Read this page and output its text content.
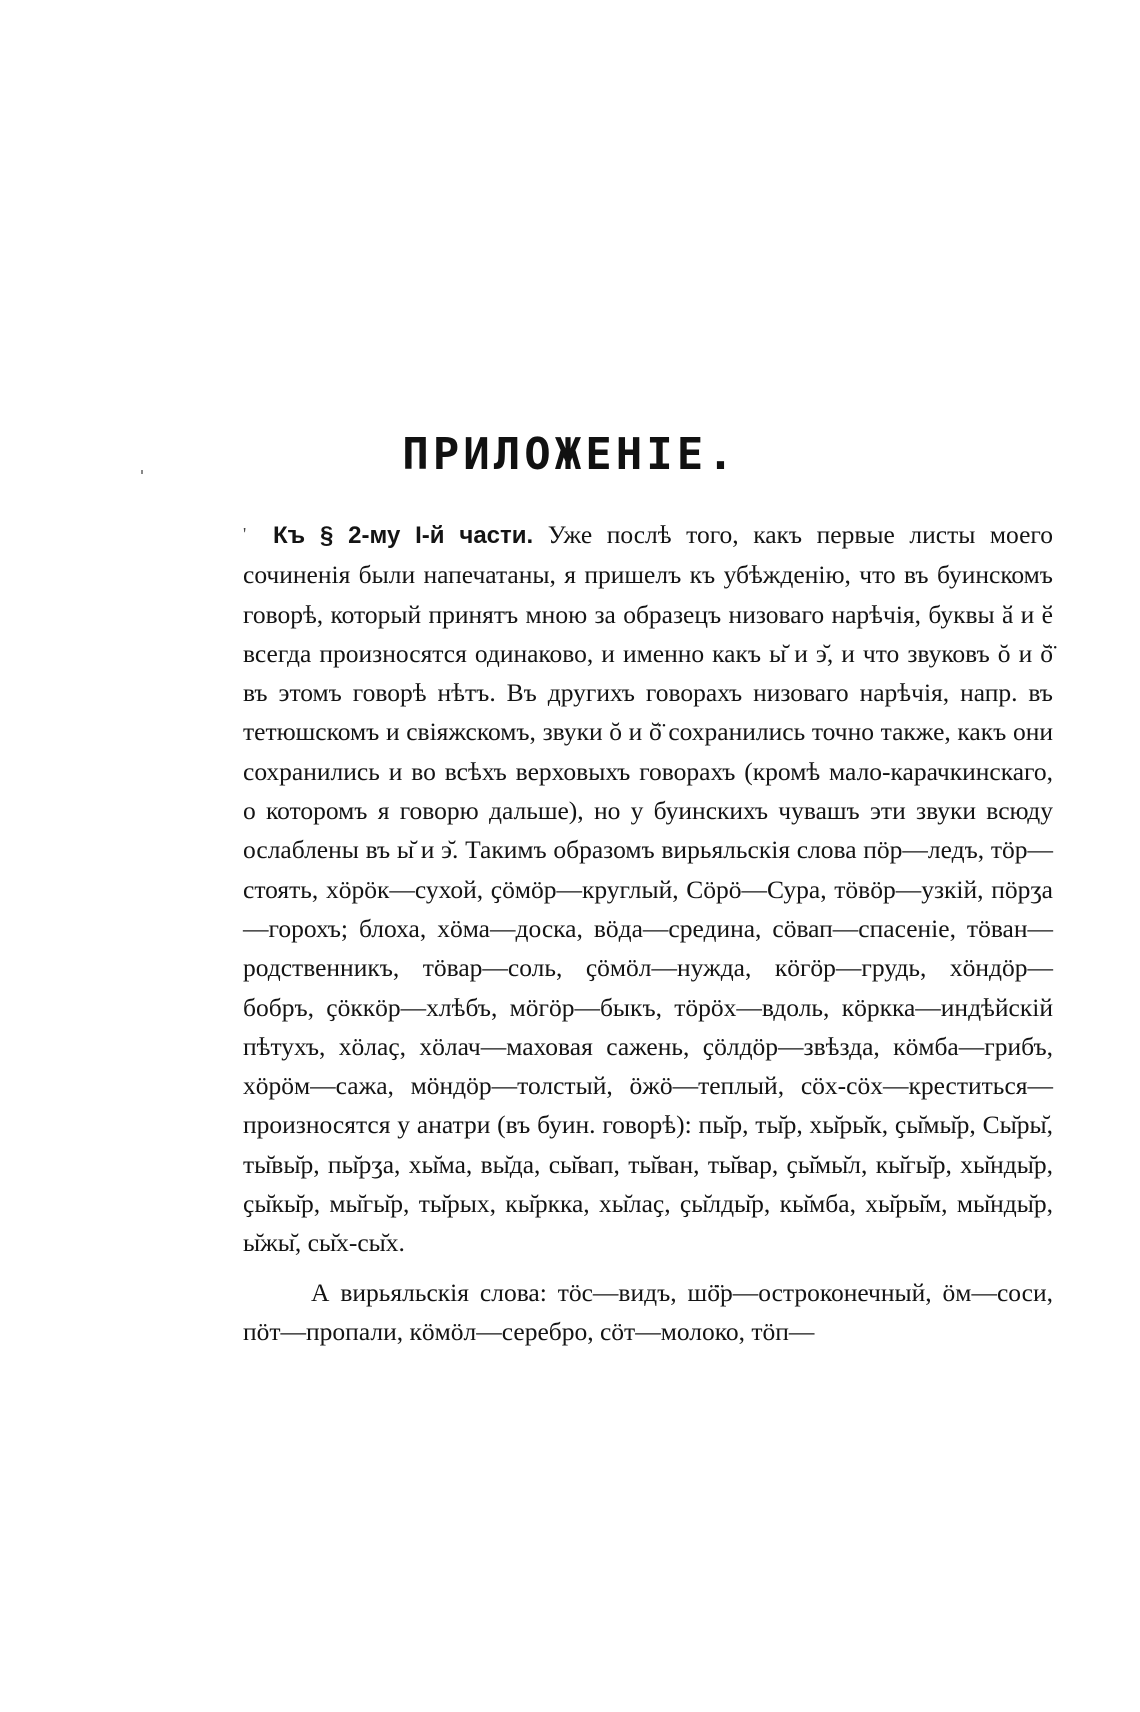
ПРИЛОЖЕНІЕ.

' Къ § 2-му І-й части. Уже послѣ того, какъ первые листы моего сочиненія были напечатаны, я пришелъ къ убѣжденію, что въ буинскомъ говорѣ, который принятъ мною за образецъ низоваго нарѣчія, буквы ӑ и ӗ всегда произносятся одинаково, и именно какъ ы̆ и э̆, и что звуковъ ŏ и ŏ̈ въ этомъ говорѣ нѣтъ. Въ другихъ говорахъ низоваго нарѣчія, напр. въ тетюшскомъ и свіяжскомъ, звуки ŏ и ŏ̈ сохранились точно также, какъ они сохранились и во всѣхъ верховыхъ говорахъ (кромѣ мало-карачкинскаго, о которомъ я говорю дальше), но у буинскихъ чувашъ эти звуки всюду ослаблены въ ы̆ и э̆. Такимъ образомъ вирьяльскія слова пӧр—ледъ, тӧр—стоять, хӧрӧк—сухой, ҫӧмӧр—круглый, Сӧрӧ—Сура, тӧвӧр—узкій, пӧрӡа—горохъ; блоха, хӧма—доска, вӧда—средина, сӧвап—спасеніе, тӧван—родственникъ, тӧвар—соль, ҫӧмӧл—нужда, кӧгӧр—грудь, хӧндӧр—бобръ, ҫӧккӧр—хлѣбъ, мӧгӧр—быкъ, тӧрӧх—вдоль, кӧркка—индѣйскій пѣтухъ, хӧлаҫ, хӧлач—маховая сажень, ҫӧлдӧр—звѣзда, кӧмба—грибъ, хӧрӧм—сажа, мӧндӧр—толстый, ӧжӧ—теплый, сӧх-сӧх—креститься—произносятся у анатри (въ буин. говорѣ): пы̆р, ты̆р, хы̆ры̆к, ҫы̆мы̆р, Сы̆ры̆, ты̆вы̆р, пы̆рӡа, хы̆ма, вы̆да, сы̆вап, ты̆ван, ты̆вар, ҫы̆мы̆л, кы̆гы̆р, хы̆нды̆р, ҫы̆кы̆р, мы̆гы̆р, ты̆рых, кы̆ркка, хы̆лаҫ, ҫы̆лды̆р, кы̆мба, хы̆ры̆м, мы̆нды̆р, ы̆жы̆, сы̆х-сы̆х.

А вирьяльскія слова: тӧс—видъ, шӧ̈р—остроконечный, ӧм—соси, пӧт—пропали, кӧмӧл—серебро, сӧт—молоко, тӧп—
